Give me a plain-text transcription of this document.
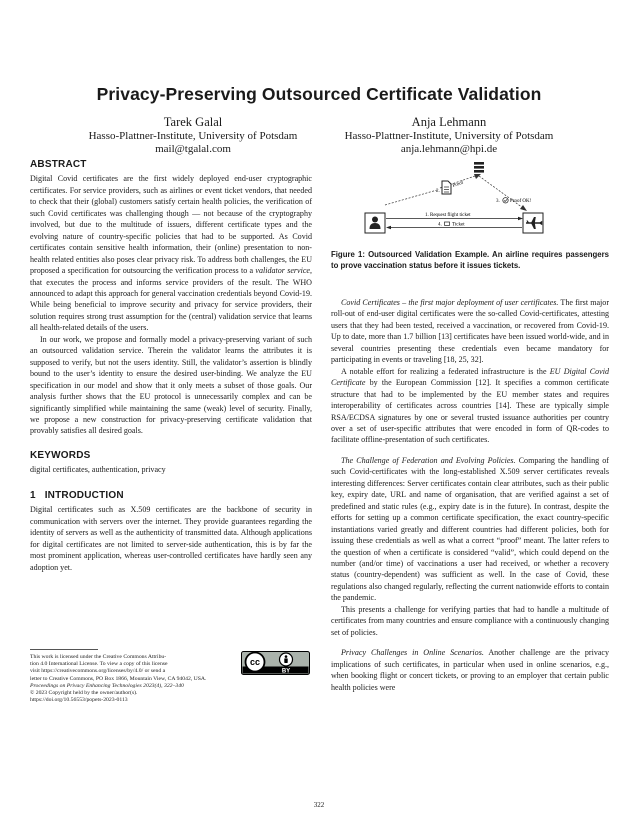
Privacy-Preserving Outsourced Certificate Validation
Tarek Galal
Hasso-Plattner-Institute, University of Potsdam
mail@tgalal.com
Anja Lehmann
Hasso-Plattner-Institute, University of Potsdam
anja.lehmann@hpi.de
ABSTRACT

Digital Covid certificates are the first widely deployed end-user cryptographic certificates. For service providers, such as airlines or event ticket vendors, that needed to check that their (global) customers satisfy certain health policies, the verification of such Covid certificates was challenging though — not because of the cryptography involved, but due to the multitude of issuers, different certificate types and the evolving nature of country-specific policies that had to be supported. As Covid certificates contain sensitive health information, their (online) presentation to non-health related entities also poses clear privacy risk. To address both challenges, the EU proposed a specification for outsourcing the verification process to a validator service, that executes the process and informs service providers of the result. The WHO announced to adapt this approach for general vaccination credentials beyond Covid-19. While being beneficial to improve security and privacy for service providers, their solution requires strong trust assumption for the (central) validation service that learns all health-related details of the users.

In our work, we propose and formally model a privacy-preserving variant of such an outsourced validation service. Therein the validator learns the attributes it is supposed to verify, but not the users identity. Still, the validator’s assertion is blindly bound to the user’s identity to ensure the desired user-binding. We analyze the EU specification in our model and show that it only meets a subset of those goals. Our analysis further shows that the EU protocol is unnecessarily complex and can be significantly simplified while maintaining the same (weak) level of security. Finally, we propose a new construction for privacy-preserving certificate validation that provably satisfies all desired goals.

KEYWORDS

digital certificates, authentication, privacy

1   INTRODUCTION

Digital certificates such as X.509 certificates are the backbone of security in communication with servers over the internet. They provide guarantees regarding the identity of servers as well as the authenticity of transmitted data. Although applications for digital certificates are not limited to server-side authentication, this is by far the most prominent application, whereas user-controlled certificates have hardly seen any adoption yet.

This work is licensed under the Creative Commons Attribu-

tion 4.0 International License. To view a copy of this license

visit https://creativecommons.org/licenses/by/4.0/ or send a

letter to Creative Commons, PO Box 1866, Mountain View, CA 94042, USA.

Proceedings on Privacy Enhancing Technologies 2023(4), 322–340

© 2023 Copyright held by the owner/author(s).

https://doi.org/10.56553/popets-2023-0113

cc
BY
2.
Proof
3. Proof OK!
1. Request flight ticket
4. Ticket
Figure 1: Outsourced Validation Example. An airline requires passengers to prove vaccination status before it issues tickets.

Covid Certificates – the first major deployment of user certificates. The first major roll-out of end-user digital certificates were the so-called Covid-certificates, attesting users that they had been tested, received a vaccination, or recovered from Covid-19. Up to date, more than 1.7 billion [13] certificates have been issued world-wide, and in several countries presenting these credentials even became mandatory for participating in events or traveling [18, 25, 32].

A notable effort for realizing a federated infrastructure is the EU Digital Covid Certificate by the European Commission [12]. It specifies a common certificate structure that had to be implemented by the EU member states and requires interoperability of certificates across countries [14]. These are typically simple RSA/ECDSA signatures by one or several trusted issuance authorities per country over a set of user-specific attributes that were encoded in form of QR-codes to facilitate offline-presentation of such certificates.

The Challenge of Federation and Evolving Policies. Comparing the handling of such Covid-certificates with the long-established X.509 server certificates reveals interesting differences: Server certificates contain clear attributes, such as their public key, expiry date, URL and name of organisation, that are verified against a set of predefined and static rules (e.g., expiry date is in the future). In contrast, despite the efforts for setting up a common certificate specification, the exact country-specific instantiations varied greatly and different countries had different policies, both for issuing these credentials as well as what a correct “proof” meant. The latter refers to the question of when a certificate is considered “valid”, which could depend on the number (and/or time) of vaccinations a user had received, or whether a recovery status (country-dependent) was sufficient as well. In the case of Covid, these regulations also changed regularly, reflecting the current nationwide efforts to contain the pandemic.

This presents a challenge for verifying parties that had to handle a multitude of certificates from many countries and ensure compliance with a continuously changing set of policies.

Privacy Challenges in Online Scenarios. Another challenge are the privacy implications of such certificates, in particular when used in online scenarios, e.g., when booking flight or concert tickets, or proving to an employer that certain public health policies were

322
